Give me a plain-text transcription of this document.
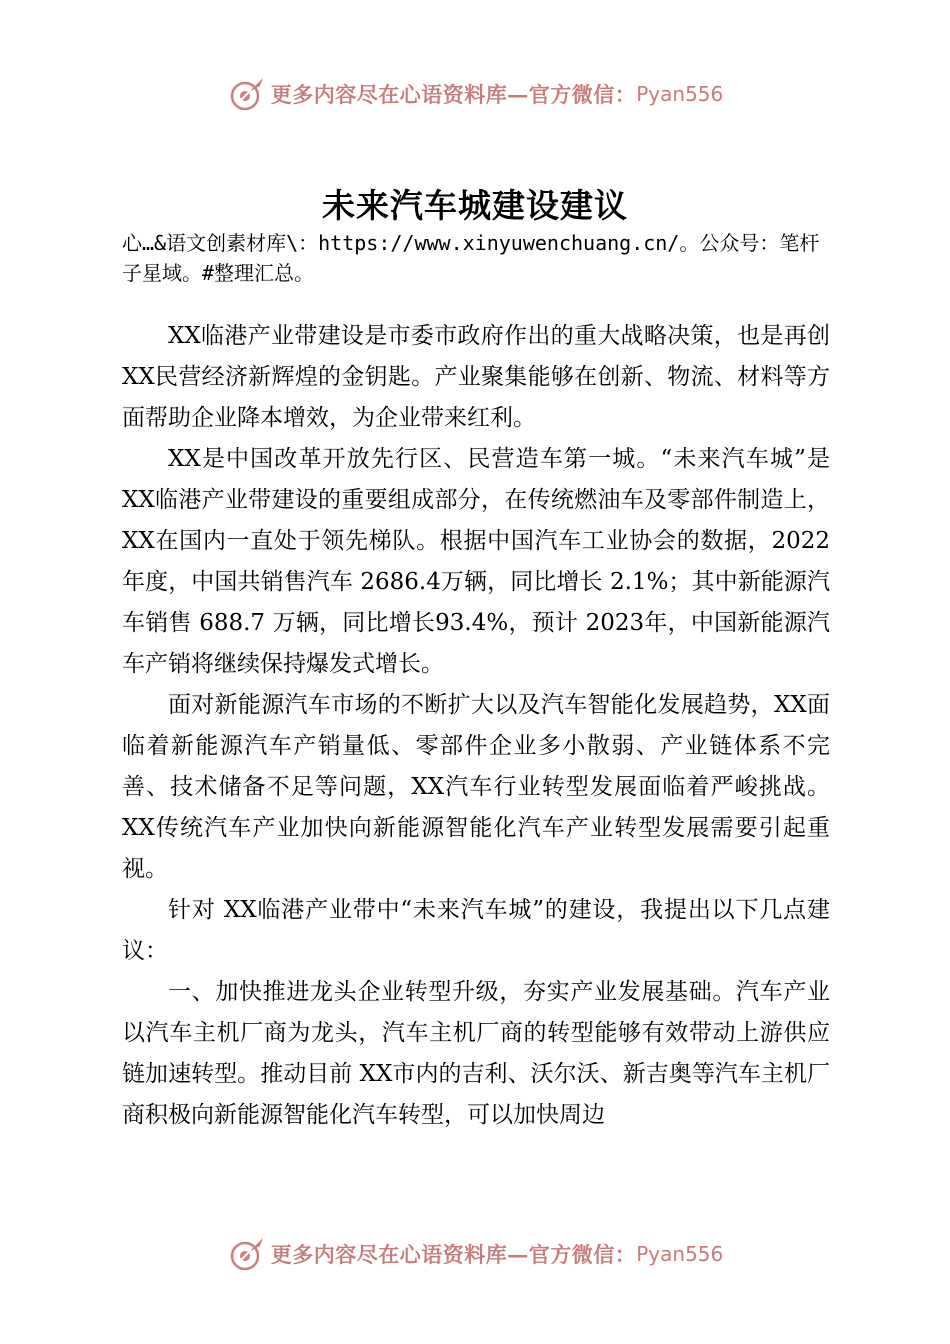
更多内容尽在心语资料库—官方微信： Pyan556
未来汽车城建设建议

心…&语文创素材库\：https://www.xinyuwenchuang.cn/。公众号：笔杆子星域。#整理汇总。

XX临港产业带建设是市委市政府作出的重大战略决策，也是再创 XX民营经济新辉煌的金钥匙。产业聚集能够在创新、物流、材料等方面帮助企业降本增效，为企业带来红利。

XX是中国改革开放先行区、民营造车第一城。“未来汽车城”是 XX临港产业带建设的重要组成部分，在传统燃油车及零部件制造上，XX在国内一直处于领先梯队。根据中国汽车工业协会的数据，2022年度，中国共销售汽车 2686.4万辆，同比增长 2.1%；其中新能源汽车销售 688.7 万辆，同比增长93.4%，预计 2023年，中国新能源汽车产销将继续保持爆发式增长。

面对新能源汽车市场的不断扩大以及汽车智能化发展趋势，XX面临着新能源汽车产销量低、零部件企业多小散弱、产业链体系不完善、技术储备不足等问题，XX汽车行业转型发展面临着严峻挑战。XX传统汽车产业加快向新能源智能化汽车产业转型发展需要引起重视。

针对 XX临港产业带中“未来汽车城”的建设，我提出以下几点建议：

一、加快推进龙头企业转型升级，夯实产业发展基础。汽车产业以汽车主机厂商为龙头，汽车主机厂商的转型能够有效带动上游供应链加速转型。推动目前 XX市内的吉利、沃尔沃、新吉奥等汽车主机厂商积极向新能源智能化汽车转型，可以加快周边

更多内容尽在心语资料库—官方微信： Pyan556
